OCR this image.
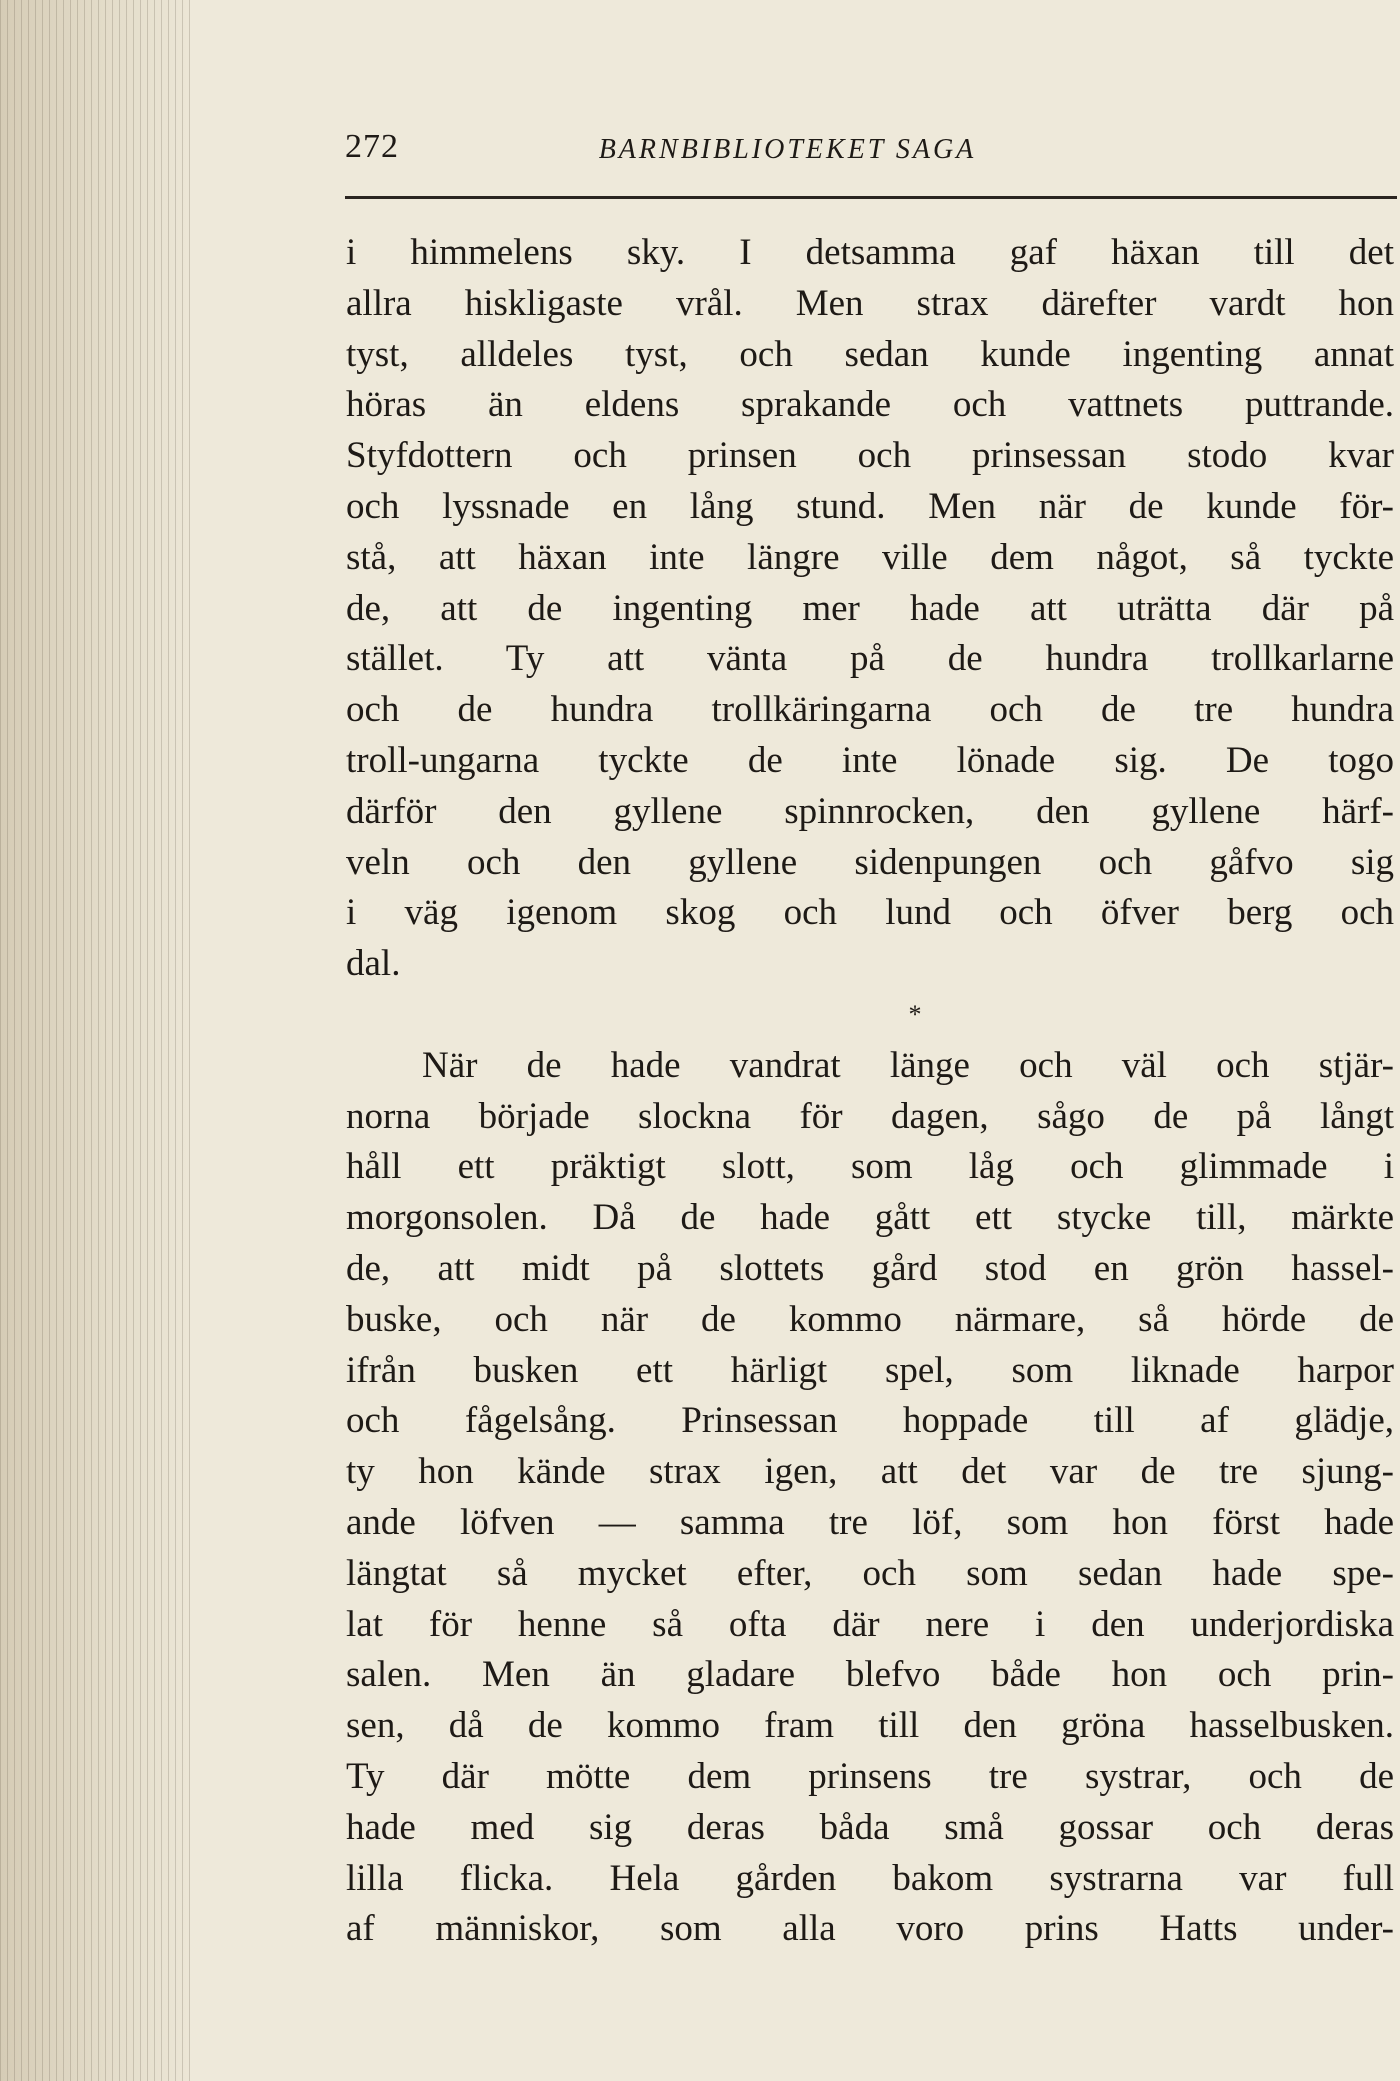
272	BARNBIBLIOTEKET SAGA
i himmelens sky. I detsamma gaf häxan till det
allra hiskligaste vrål. Men strax därefter vardt hon
tyst, alldeles tyst, och sedan kunde ingenting annat
höras än eldens sprakande och vattnets puttrande.
Styfdottern och prinsen och prinsessan stodo kvar
och lyssnade en lång stund. Men när de kunde för-
stå, att häxan inte längre ville dem något, så tyckte
de, att de ingenting mer hade att uträtta där på
stället. Ty att vänta på de hundra trollkarlarne
och de hundra trollkäringarna och de tre hundra
troll-ungarna tyckte de inte lönade sig. De togo
därför den gyllene spinnrocken, den gyllene härf-
veln och den gyllene sidenpungen och gåfvo sig
i väg igenom skog och lund och öfver berg och
dal.
*
När de hade vandrat länge och väl och stjär-
norna började slockna för dagen, sågo de på långt
håll ett präktigt slott, som låg och glimmade i
morgonsolen. Då de hade gått ett stycke till, märkte
de, att midt på slottets gård stod en grön hassel-
buske, och när de kommo närmare, så hörde de
ifrån busken ett härligt spel, som liknade harpor
och fågelsång. Prinsessan hoppade till af glädje,
ty hon kände strax igen, att det var de tre sjung-
ande löfven — samma tre löf, som hon först hade
längtat så mycket efter, och som sedan hade spe-
lat för henne så ofta där nere i den underjordiska
salen. Men än gladare blefvo både hon och prin-
sen, då de kommo fram till den gröna hasselbusken.
Ty där mötte dem prinsens tre systrar, och de
hade med sig deras båda små gossar och deras
lilla flicka. Hela gården bakom systrarna var full
af människor, som alla voro prins Hatts under-
